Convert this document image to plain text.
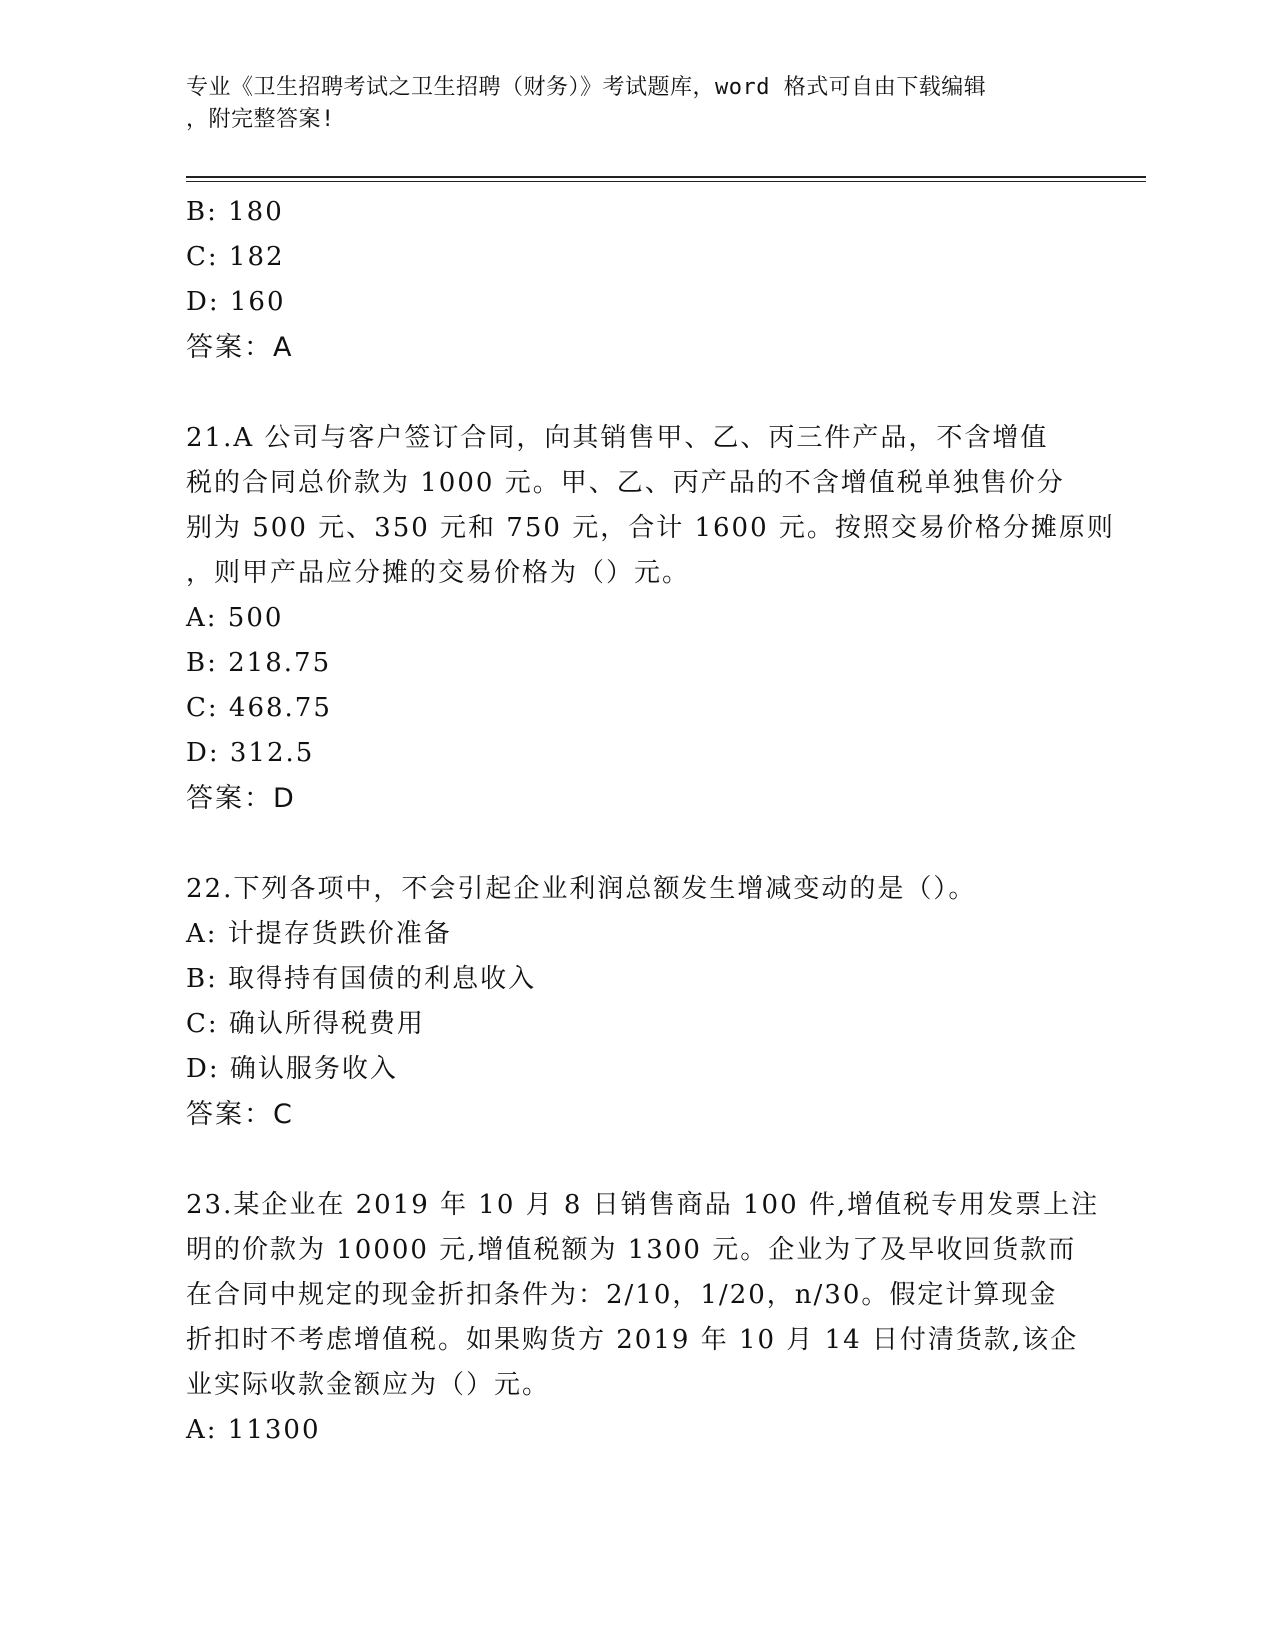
专业《卫生招聘考试之卫生招聘（财务）》考试题库，word 格式可自由下载编辑
，附完整答案!
B: 180
C: 182
D: 160
答案：A
21.A 公司与客户签订合同，向其销售甲、乙、丙三件产品，不含增值
税的合同总价款为 1000 元。甲、乙、丙产品的不含增值税单独售价分
别为 500 元、350 元和 750 元，合计 1600 元。按照交易价格分摊原则
，则甲产品应分摊的交易价格为（）元。
A: 500
B: 218.75
C: 468.75
D: 312.5
答案：D
22.下列各项中，不会引起企业利润总额发生增减变动的是（）。
A: 计提存货跌价准备
B: 取得持有国债的利息收入
C: 确认所得税费用
D: 确认服务收入
答案：C
23.某企业在 2019 年 10 月 8 日销售商品 100 件,增值税专用发票上注
明的价款为 10000 元,增值税额为 1300 元。企业为了及早收回货款而
在合同中规定的现金折扣条件为：2/10，1/20，n/30。假定计算现金
折扣时不考虑增值税。如果购货方 2019 年 10 月 14 日付清货款,该企
业实际收款金额应为（）元。
A: 11300
